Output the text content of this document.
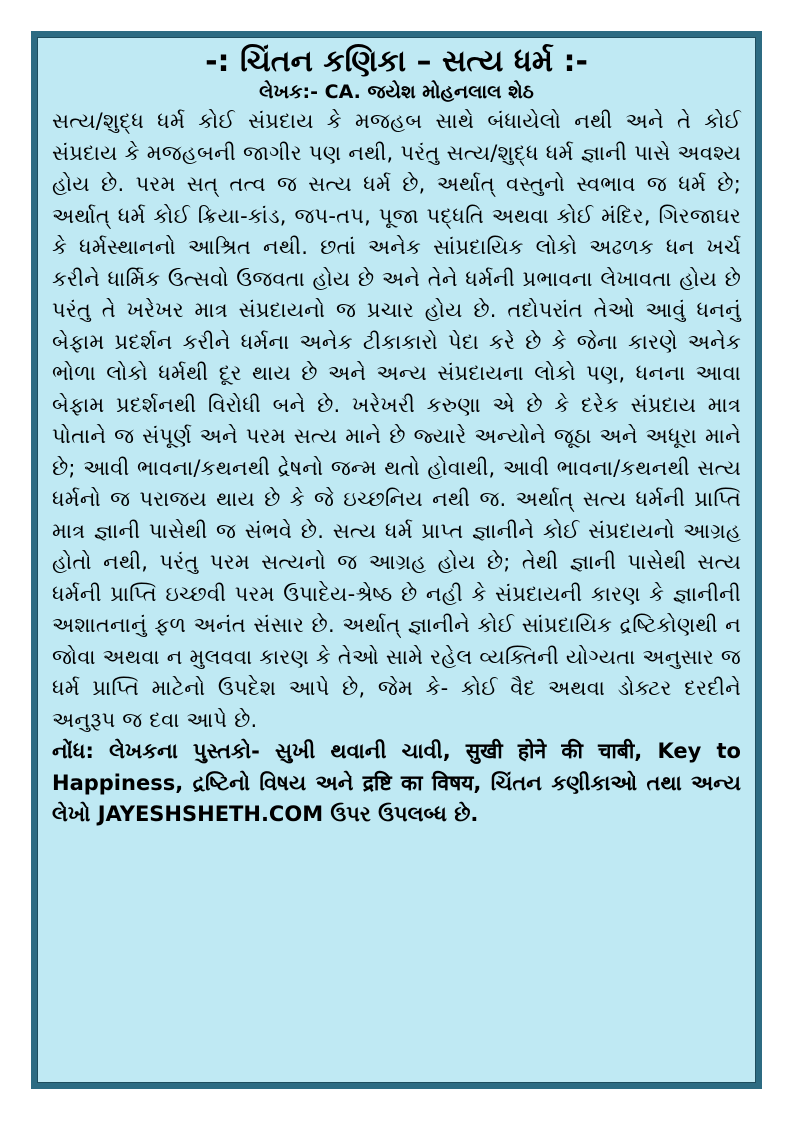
-: ચિંતન કણિકા – સત્ય ધર્મ :-
લેખક:- CA. જયેશ મોહનલાલ શેઠ

સત્ય/શુદ્ધ ધર્મ કોઈ સંપ્રદાય કે મજહબ સાથે બંધાયેલો નથી અને તે કોઈ સંપ્રદાય કે મજહબની જાગીર પણ નથી, પરંતુ સત્ય/શુદ્ધ ધર્મ જ્ઞાની પાસે અવશ્ય હોય છે. પરમ સત્ તત્વ જ સત્ય ધર્મ છે, અર્થાત્ વસ્તુનો સ્વભાવ જ ધર્મ છે; અર્થાત્ ધર્મ કોઈ ક્રિયા-કાંડ, જપ-તપ, પૂજા પદ્ધતિ અથવા કોઈ મંદિર, ગિરજાઘર કે ધર્મસ્થાનનો આશ્રિત નથી. છતાં અનેક સાંપ્રદાયિક લોકો અઢળક ધન ખર્ચ કરીને ધાર્મિક ઉત્સવો ઉજવતા હોય છે અને તેને ધર્મની પ્રભાવના લેખાવતા હોય છે પરંતુ તે ખરેખર માત્ર સંપ્રદાયનો જ પ્રચાર હોય છે. તદોપરાંત તેઓ આવું ધનનું બેફામ પ્રદર્શન કરીને ધર્મના અનેક ટીકાકારો પેદા કરે છે કે જેના કારણે અનેક ભોળા લોકો ધર્મથી દૂર થાય છે અને અન્ય સંપ્રદાયના લોકો પણ, ધનના આવા બેફામ પ્રદર્શનથી વિરોધી બને છે. ખરેખરી કરુણા એ છે કે દરેક સંપ્રદાય માત્ર પોતાને જ સંપૂર્ણ અને પરમ સત્ય માને છે જ્યારે અન્યોને જૂઠા અને અધૂરા માને છે; આવી ભાવના/કથનથી દ્રેષનો જન્મ થતો હોવાથી, આવી ભાવના/કથનથી સત્ય ધર્મનો જ પરાજય થાય છે કે જે ઇચ્છનિય નથી જ. અર્થાત્ સત્ય ધર્મની પ્રાપ્તિ માત્ર જ્ઞાની પાસેથી જ સંભવે છે. સત્ય ધર્મ પ્રાપ્ત જ્ઞાનીને કોઈ સંપ્રદાયનો આગ્રહ હોતો નથી, પરંતુ પરમ સત્યનો જ આગ્રહ હોય છે; તેથી જ્ઞાની પાસેથી સત્ય ધર્મની પ્રાપ્તિ ઇચ્છવી પરમ ઉપાદેય-શ્રેષ્ઠ છે નહી કે સંપ્રદાયની કારણ કે જ્ઞાનીની અશાતનાનું ફળ અનંત સંસાર છે. અર્થાત્ જ્ઞાનીને કોઈ સાંપ્રદાયિક દ્રષ્ટિકોણથી ન જોવા અથવા ન મુલવવા કારણ કે તેઓ સામે રહેલ વ્યક્તિની યોગ્યતા અનુસાર જ ધર્મ પ્રાપ્તિ માટેનો ઉપદેશ આપે છે, જેમ કે- કોઈ વૈદ અથવા ડોક્ટર દરદીને અનુરૂપ જ દવા આપે છે.

નોંધ: લેખકના પુસ્તકો- સુખી થવાની ચાવી, सुखी होने की चाबी, Key to Happiness, દ્રષ્ટિનો વિષય અને द्रष्टि का विषय, ચિંતન કણીકાઓ તથા અન્ય લેખો JAYESHSHETH.COM ઉપર ઉપલબ્ધ છે.
